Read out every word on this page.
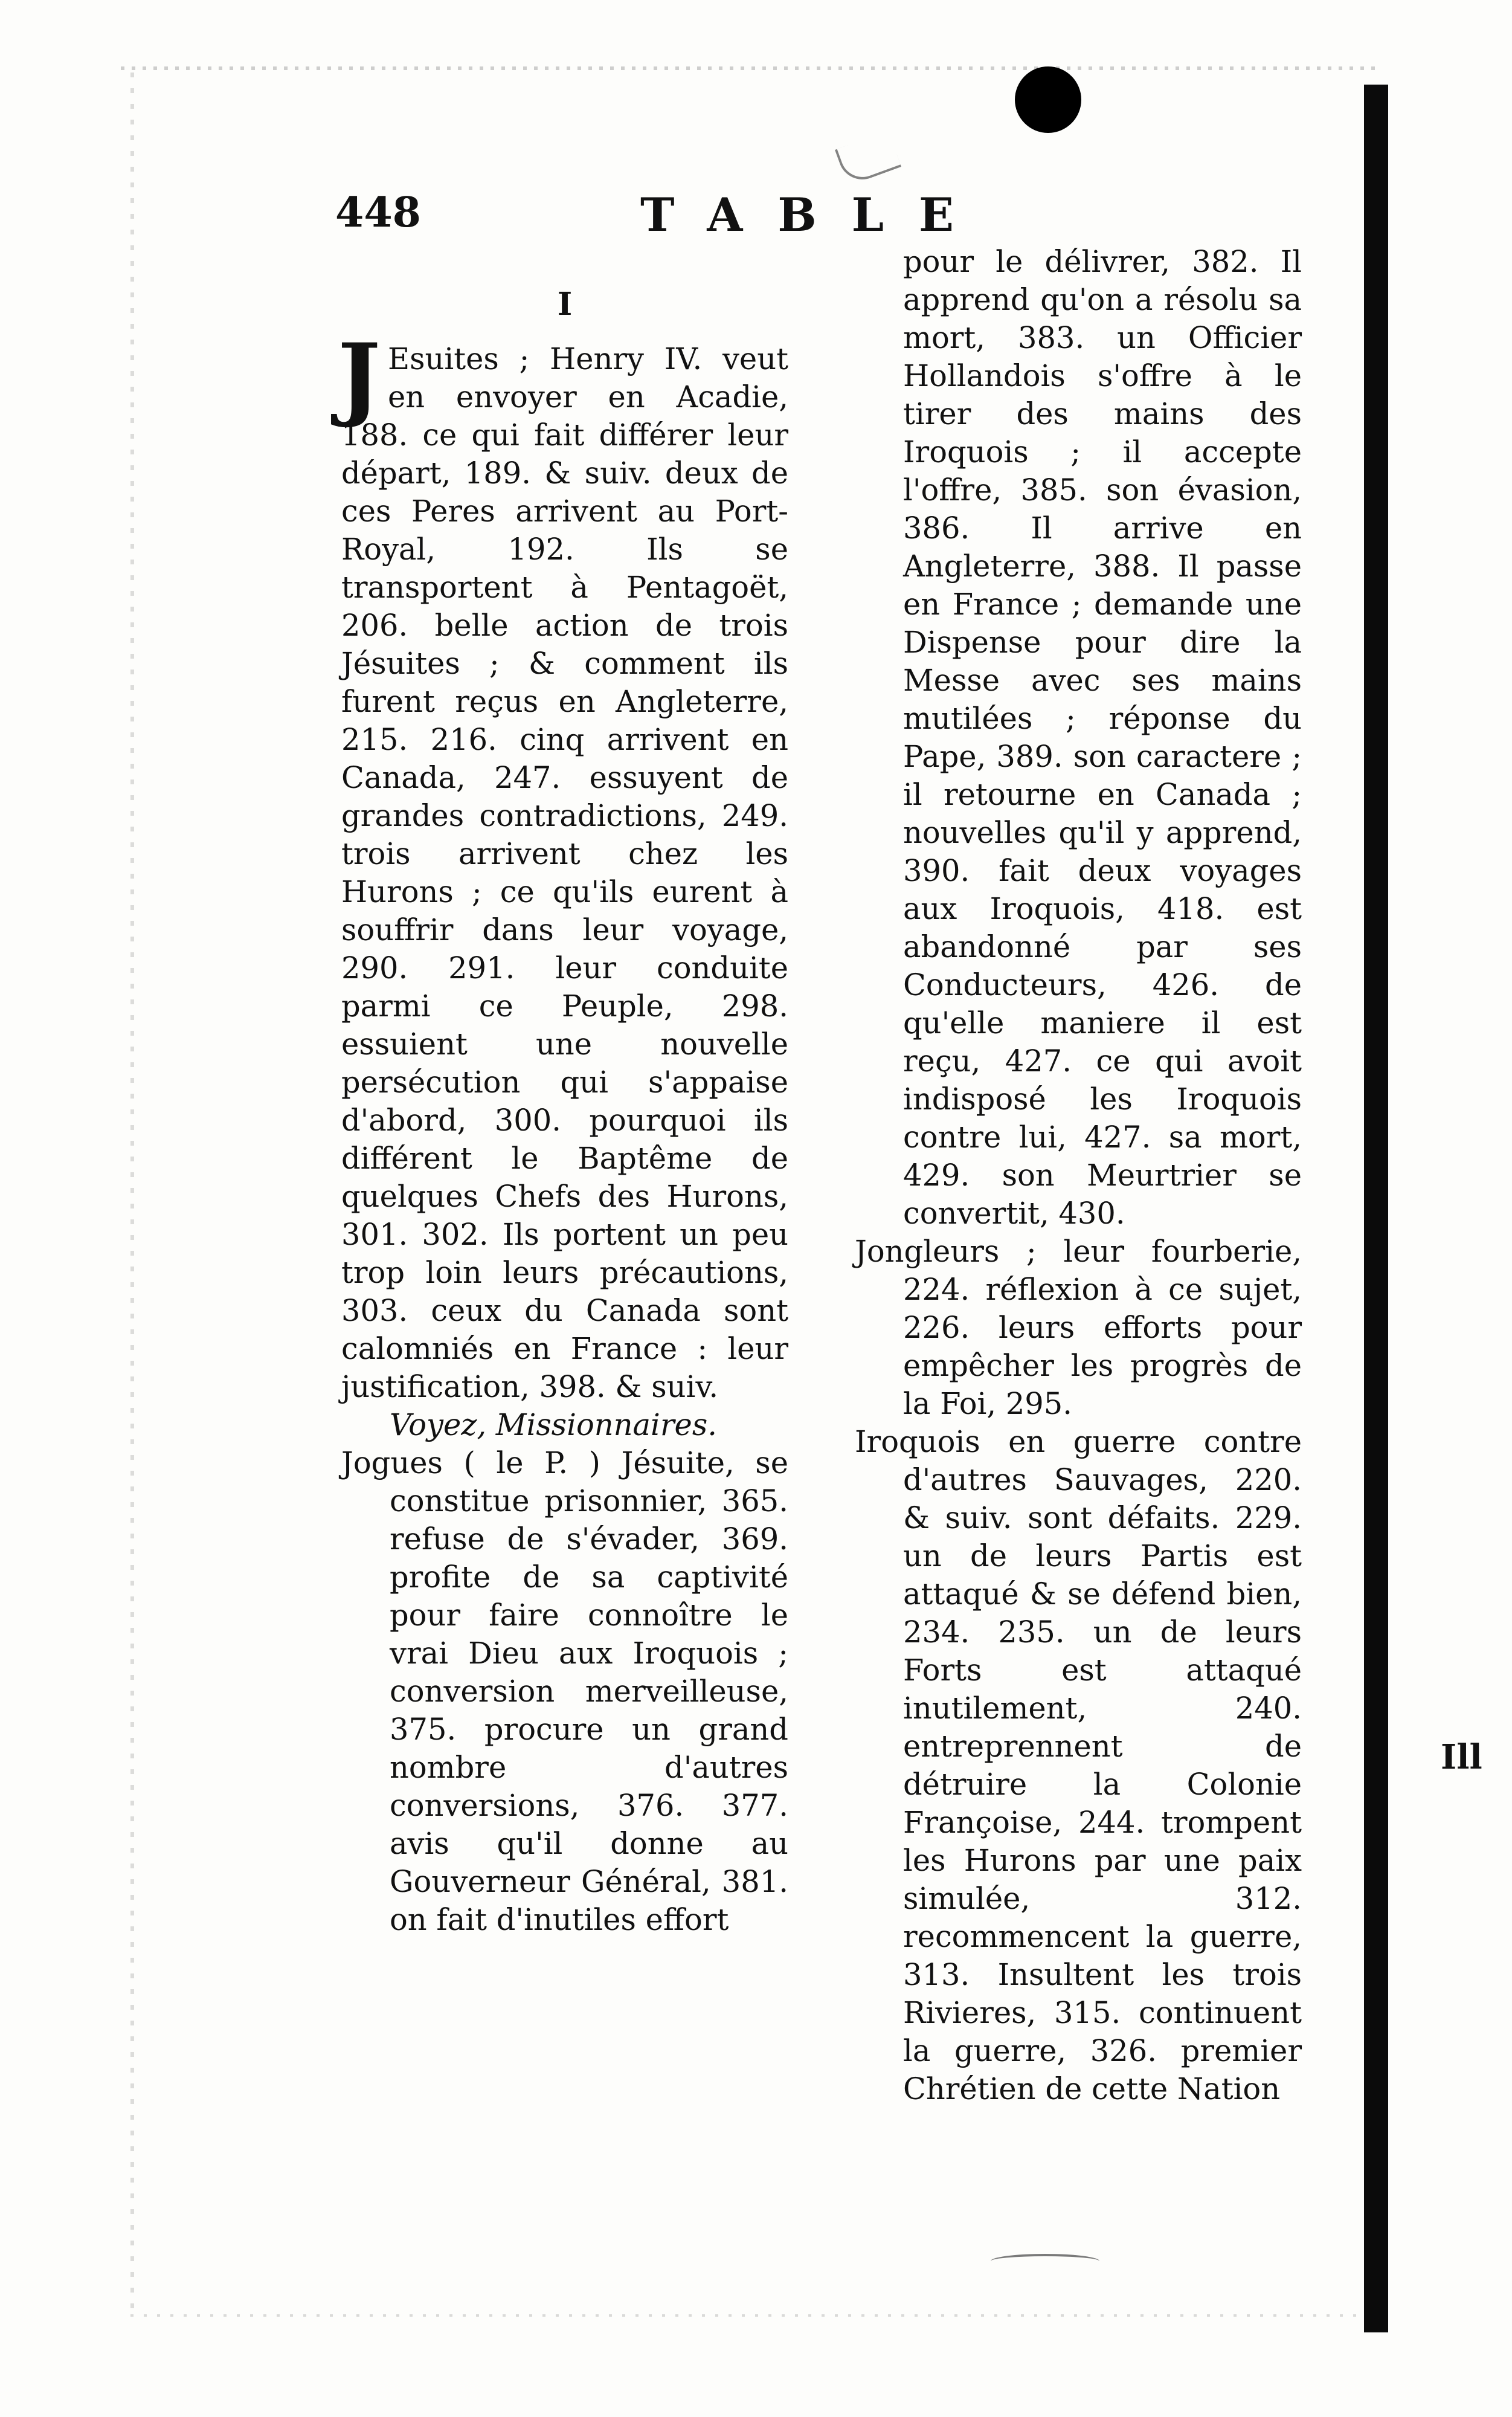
448	TABLE
I

J Esuites ; Henry IV. veut en envoyer en Acadie, 188. ce qui fait différer leur départ, 189. & suiv. deux de ces Peres arrivent au Port-Royal, 192. Ils se transportent à Pentagoët, 206. belle action de trois Jésuites ; & comment ils furent reçus en Angleterre, 215. 216. cinq arrivent en Canada, 247. essuyent de grandes contradictions, 249. trois arrivent chez les Hurons ; ce qu'ils eurent à souffrir dans leur voyage, 290. 291. leur conduite parmi ce Peuple, 298. essuient une nouvelle persécution qui s'appaise d'abord, 300. pourquoi ils différent le Baptême de quelques Chefs des Hurons, 301. 302. Ils portent un peu trop loin leurs précautions, 303. ceux du Canada sont calomniés en France : leur justification, 398. & suiv.

Voyez, Missionnaires.

Jogues ( le P. ) Jésuite, se constitue prisonnier, 365. refuse de s'évader, 369. profite de sa captivité pour faire connoître le vrai Dieu aux Iroquois ; conversion merveilleuse, 375. procure un grand nombre d'autres conversions, 376. 377. avis qu'il donne au Gouverneur Général, 381. on fait d'inutiles effort

pour le délivrer, 382. Il apprend qu'on a résolu sa mort, 383. un Officier Hollandois s'offre à le tirer des mains des Iroquois ; il accepte l'offre, 385. son évasion, 386. Il arrive en Angleterre, 388. Il passe en France ; demande une Dispense pour dire la Messe avec ses mains mutilées ; réponse du Pape, 389. son caractere ; il retourne en Canada ; nouvelles qu'il y apprend, 390. fait deux voyages aux Iroquois, 418. est abandonné par ses Conducteurs, 426. de qu'elle maniere il est reçu, 427. ce qui avoit indisposé les Iroquois contre lui, 427. sa mort, 429. son Meurtrier se convertit, 430.

Jongleurs ; leur fourberie, 224. réflexion à ce sujet, 226. leurs efforts pour empêcher les progrès de la Foi, 295.

Iroquois en guerre contre d'autres Sauvages, 220. & suiv. sont défaits. 229. un de leurs Partis est attaqué & se défend bien, 234. 235. un de leurs Forts est attaqué inutilement, 240. entreprennent de détruire la Colonie Françoise, 244. trompent les Hurons par une paix simulée, 312. recommencent la guerre, 313. Insultent les trois Rivieres, 315. continuent la guerre, 326. premier Chrétien de cette Nation

Ill
